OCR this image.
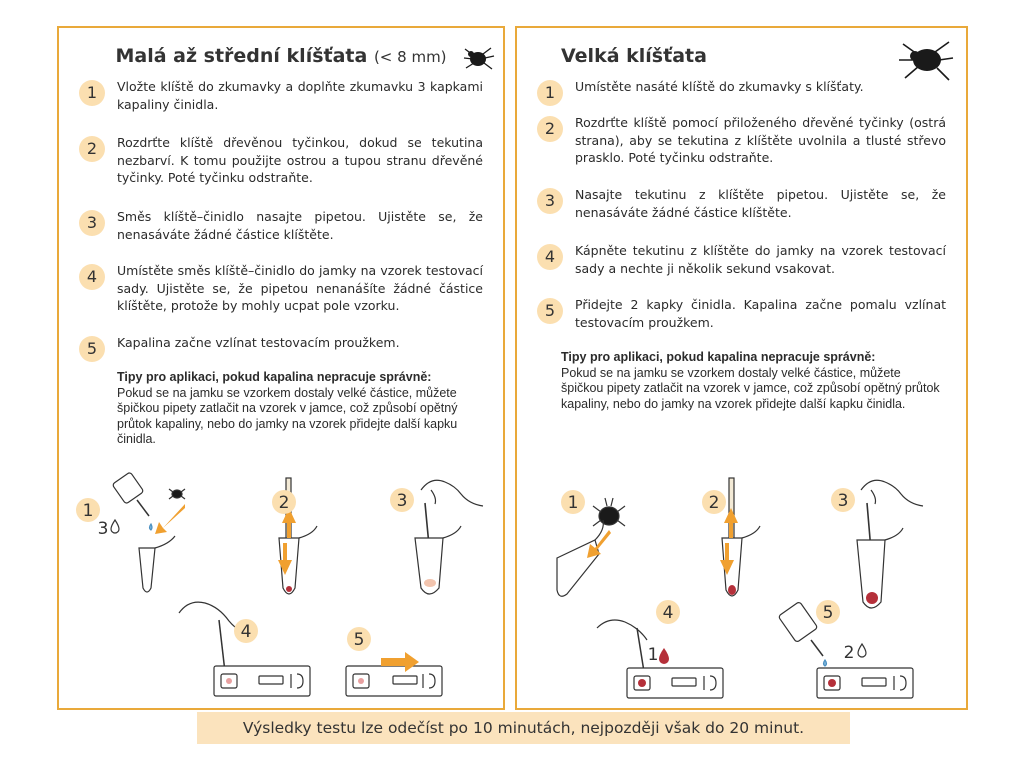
Malá až střední klíšťata (< 8 mm)
1	Vložte klíště do zkumavky a doplňte zkumavku 3 kapkami kapaliny činidla.
2	Rozdrťte klíště dřevěnou tyčinkou, dokud se tekutina nezbarví. K tomu použijte ostrou a tupou stranu dřevěné tyčinky. Poté tyčinku odstraňte.
3	Směs klíště–činidlo nasajte pipetou. Ujistěte se, že nenasáváte žádné částice klíštěte.
4	Umístěte směs klíště–činidlo do jamky na vzorek testovací sady. Ujistěte se, že pipetou nenanášíte žádné částice klíštěte, protože by mohly ucpat pole vzorku.
5	Kapalina začne vzlínat testovacím proužkem.
Tipy pro aplikaci, pokud kapalina nepracuje správně:
Pokud se na jamku se vzorkem dostaly velké částice, můžete špičkou pipety zatlačit na vzorek v jamce, což způsobí opětný průtok kapaliny, nebo do jamky na vzorek přidejte další kapku činidla.
1	2	3
4	5
3
Velká klíšťata
1	Umístěte nasáté klíště do zkumavky s klíšťaty.
2	Rozdrťte klíště pomocí přiloženého dřevěné tyčinky (ostrá strana), aby se tekutina z klíštěte uvolnila a tlusté střevo prasklo. Poté tyčinku odstraňte.
3	Nasajte tekutinu z klíštěte pipetou. Ujistěte se, že nenasáváte žádné částice klíštěte.
4	Kápněte tekutinu z klíštěte do jamky na vzorek testovací sady a nechte ji několik sekund vsakovat.
5	Přidejte 2 kapky činidla. Kapalina začne pomalu vzlínat testovacím proužkem.
Tipy pro aplikaci, pokud kapalina nepracuje správně:
Pokud se na jamku se vzorkem dostaly velké částice, můžete špičkou pipety zatlačit na vzorek v jamce, což způsobí opětný průtok kapaliny, nebo do jamky na vzorek přidejte další kapku činidla.
1	2	3
4	5
1	2
Výsledky testu lze odečíst po 10 minutách, nejpozději však do 20 minut.
